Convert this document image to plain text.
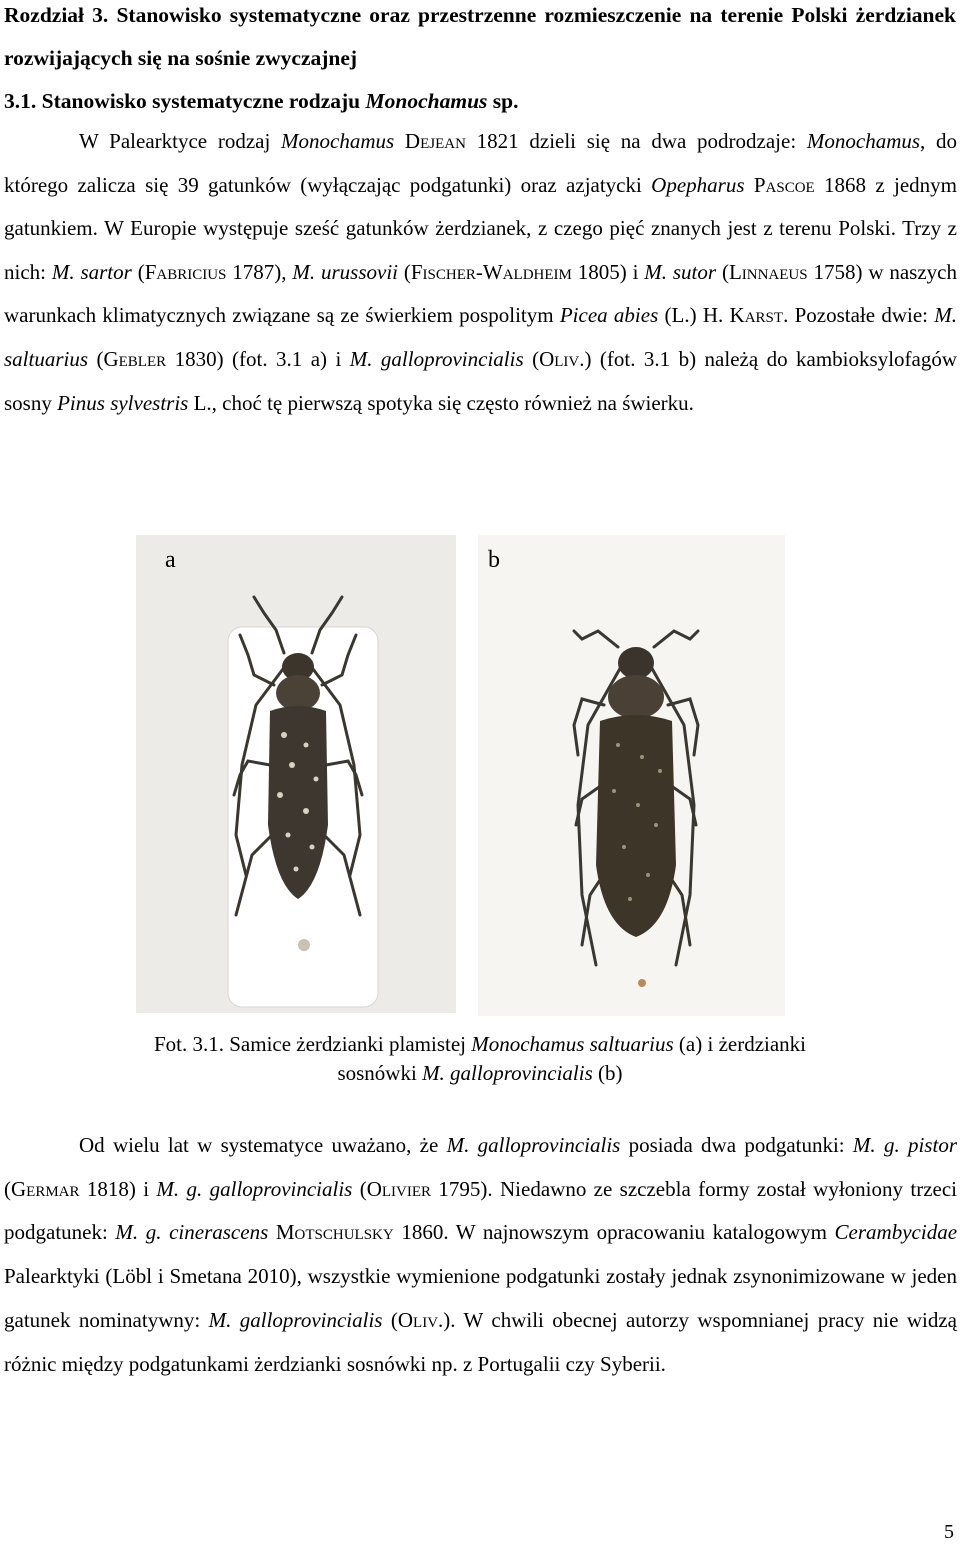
Rozdział 3. Stanowisko systematyczne oraz przestrzenne rozmieszczenie na terenie Polski żerdzianek rozwijających się na sośnie zwyczajnej
3.1. Stanowisko systematyczne rodzaju Monochamus sp.

W Palearktyce rodzaj Monochamus Dejean 1821 dzieli się na dwa podrodzaje: Monochamus, do którego zalicza się 39 gatunków (wyłączając podgatunki) oraz azjatycki Opepharus Pascoe 1868 z jednym gatunkiem. W Europie występuje sześć gatunków żerdzianek, z czego pięć znanych jest z terenu Polski. Trzy z nich: M. sartor (Fabricius 1787), M. urussovii (Fischer-Waldheim 1805) i M. sutor (Linnaeus 1758) w naszych warunkach klimatycznych związane są ze świerkiem pospolitym Picea abies (L.) H. Karst. Pozostałe dwie: M. saltuarius (Gebler 1830) (fot. 3.1 a) i M. galloprovincialis (Oliv.) (fot. 3.1 b) należą do kambioksylofagów sosny Pinus sylvestris L., choć tę pierwszą spotyka się często również na świerku.

a	b

Fot. 3.1. Samice żerdzianki plamistej Monochamus saltuarius (a) i żerdzianki sosnówki M. galloprovincialis (b)

Od wielu lat w systematyce uważano, że M. galloprovincialis posiada dwa podgatunki: M. g. pistor (Germar 1818) i M. g. galloprovincialis (Olivier 1795). Niedawno ze szczebla formy został wyłoniony trzeci podgatunek: M. g. cinerascens Motschulsky 1860. W najnowszym opracowaniu katalogowym Cerambycidae Palearktyki (Löbl i Smetana 2010), wszystkie wymienione podgatunki zostały jednak zsynonimizowane w jeden gatunek nominatywny: M. galloprovincialis (Oliv.). W chwili obecnej autorzy wspomnianej pracy nie widzą różnic między podgatunkami żerdzianki sosnówki np. z Portugalii czy Syberii.

5
